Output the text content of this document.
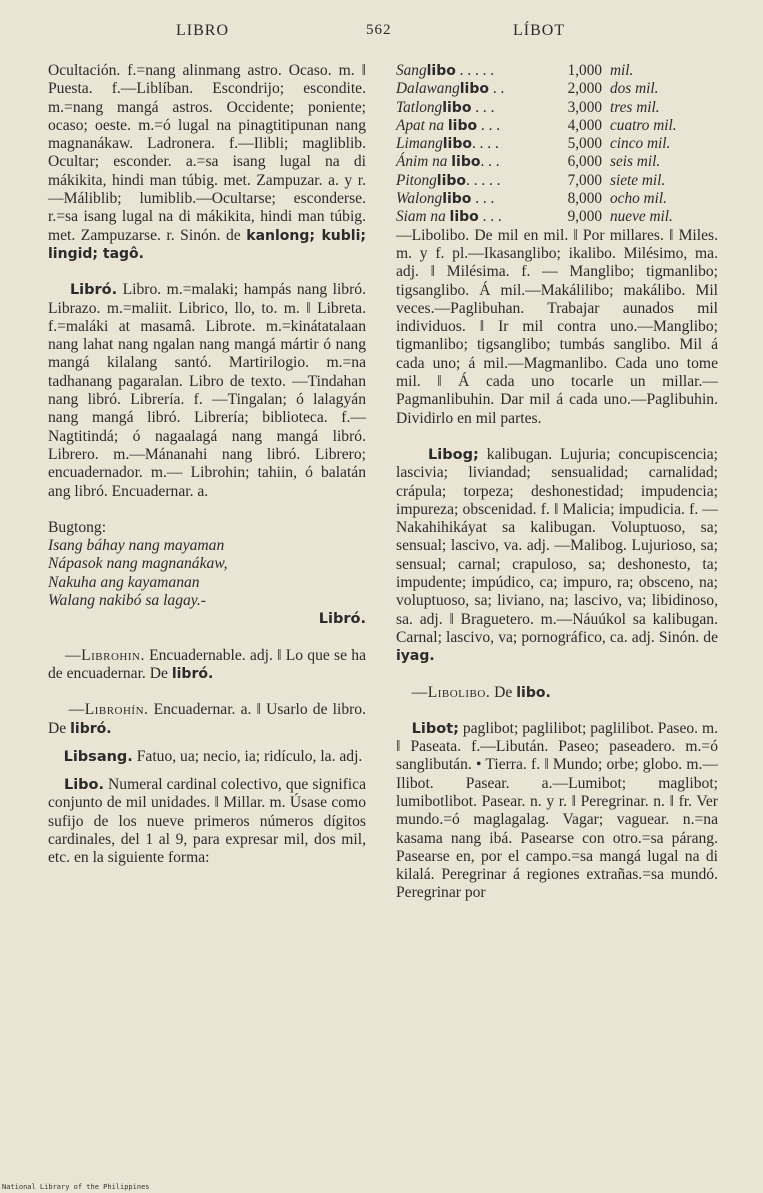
LIBRO	562	LÍBOT

Ocultación. f.=nang alinmang astro. Ocaso. m. ‖ Puesta. f.—Liblíban. Escondrijo; escondite. m.=nang mangá astros. Occidente; poniente; ocaso; oeste. m.=ó lugal na pinagtitipunan nang magnanákaw. Ladronera. f.—Ilibli; magliblib. Ocultar; esconder. a.=sa isang lugal na di mákikita, hindi man túbig. met. Zampuzar. a. y r.—Máliblib; lumiblib.—Ocultarse; esconderse. r.=sa isang lugal na di mákikita, hindi man túbig. met. Zampuzarse. r. Sinón. de kanlong; kubli; lingid; tagô.

Libró. Libro. m.=malaki; hampás nang libró. Librazo. m.=maliit. Librico, llo, to. m. ‖ Libreta. f.=maláki at masamâ. Librote. m.=kinátatalaan nang lahat nang ngalan nang mangá mártir ó nang mangá kilalang santó. Martirilogio. m.=na tadhanang pagaralan. Libro de texto. —Tindahan nang libró. Librería. f. —Tingalan; ó lalagyán nang mangá libró. Librería; biblioteca. f.—Nagtitindá; ó nagaalagá nang mangá libró. Librero. m.—Mánanahi nang libró. Librero; encuadernador. m.— Librohin; tahiin, ó balatán ang libró. Encuadernar. a.

Bugtong:

Isang báhay nang mayaman

Nápasok nang magnanákaw,

Nakuha ang kayamanan

Walang nakibó sa lagay.-

Libró.

—Librohin. Encuadernable. adj. ‖ Lo que se ha de encuadernar. De libró.

—Librohín. Encuadernar. a. ‖ Usarlo de libro. De libró.

Libsang. Fatuo, ua; necio, ia; ridículo, la. adj.

Libo. Numeral cardinal colectivo, que significa conjunto de mil unidades. ‖ Millar. m. Úsase como sufijo de los nueve primeros números dígitos cardinales, del 1 al 9, para expresar mil, dos mil, etc. en la siguiente forma:

Sanglibo . . . . .	1,000	mil.
Dalawanglibo . .	2,000	dos mil.
Tatlonglibo . . .	3,000	tres mil.
Apat na libo . . .	4,000	cuatro mil.
Limanglibo. . . .	5,000	cinco mil.
Ánim na libo. . .	6,000	seis mil.
Pitonglibo. . . . .	7,000	siete mil.
Walonglibo . . .	8,000	ocho mil.
Siam na libo . . .	9,000	nueve mil.

—Libolibo. De mil en mil. ‖ Por millares. ‖ Miles. m. y f. pl.—Ikasanglibo; ikalibo. Milésimo, ma. adj. ‖ Milésima. f. — Manglibo; tigmanlibo; tigsanglibo. Á mil.—Makálilibo; makálibo. Mil veces.—Paglibuhan. Trabajar aunados mil individuos. ‖ Ir mil contra uno.—Manglibo; tigmanlibo; tigsanglibo; tumbás sanglibo. Mil á cada uno; á mil.—Magmanlibo. Cada uno tome mil. ‖ Á cada uno tocarle un millar.—Pagmanlibuhin. Dar mil á cada uno.—Paglibuhin. Dividirlo en mil partes.

Libog; kalibugan. Lujuria; concupiscencia; lascivia; liviandad; sensualidad; carnalidad; crápula; torpeza; deshonestidad; impudencia; impureza; obscenidad. f. ‖ Malicia; impudicia. f. —Nakahihikáyat sa kalibugan. Voluptuoso, sa; sensual; lascivo, va. adj. —Malibog. Lujurioso, sa; sensual; carnal; crapuloso, sa; deshonesto, ta; impudente; impúdico, ca; impuro, ra; obsceno, na; voluptuoso, sa; liviano, na; lascivo, va; libidinoso, sa. adj. ‖ Braguetero. m.—Náuúkol sa kalibugan. Carnal; lascivo, va; pornográfico, ca. adj. Sinón. de iyag.

—Libolibo. De libo.

Libot; paglibot; paglilibot; paglilibot. Paseo. m. ‖ Paseata. f.—Libután. Paseo; paseadero. m.=ó sanglibután. • Tierra. f. ‖ Mundo; orbe; globo. m.—Ilibot. Pasear. a.—Lumibot; maglibot; lumibotlibot. Pasear. n. y r. ‖ Peregrinar. n. ‖ fr. Ver mundo.=ó maglagalag. Vagar; vaguear. n.=na kasama nang ibá. Pasearse con otro.=sa párang. Pasearse en, por el campo.=sa mangá lugal na di kilalá. Peregrinar á regiones extrañas.=sa mundó. Peregrinar por

National Library of the Philippines
